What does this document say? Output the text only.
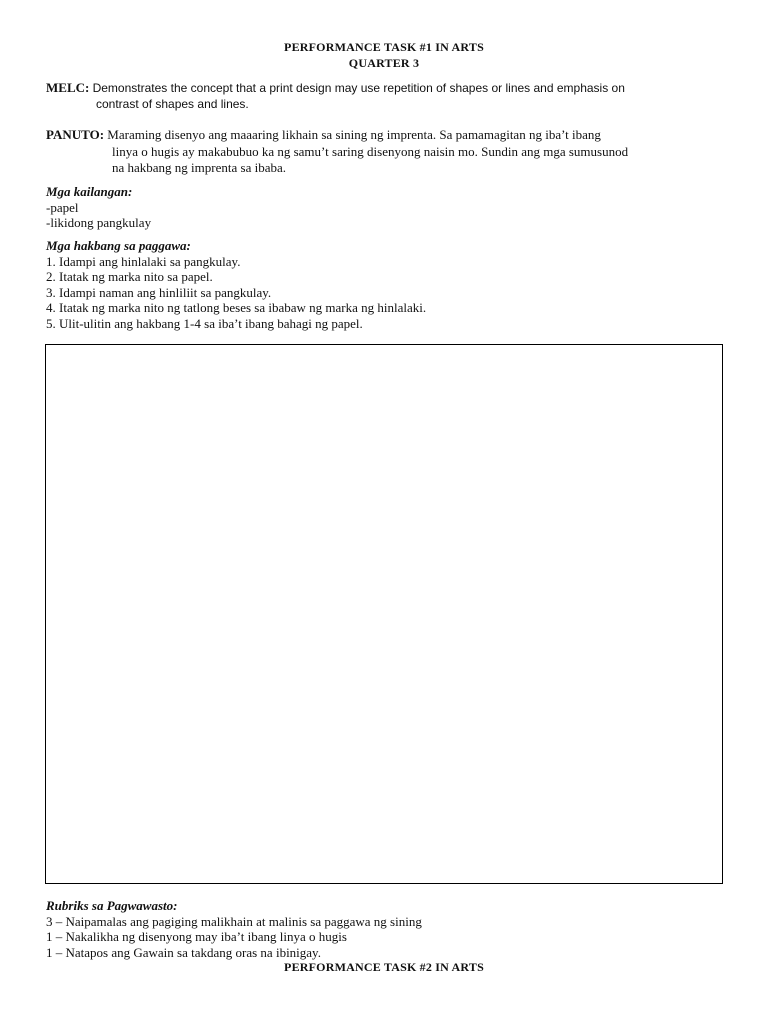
PERFORMANCE TASK #1 IN ARTS
QUARTER 3
MELC: Demonstrates the concept that a print design may use repetition of shapes or lines and emphasis on
contrast of shapes and lines.
PANUTO: Maraming disenyo ang maaaring likhain sa sining ng imprenta. Sa pamamagitan ng iba’t ibang
linya o hugis ay makabubuo ka ng samu’t saring disenyong naisin mo. Sundin ang mga sumusunod
na hakbang ng imprenta sa ibaba.
Mga kailangan:
-papel
-likidong pangkulay
Mga hakbang sa paggawa:
1. Idampi ang hinlalaki sa pangkulay.
2. Itatak ng marka nito sa papel.
3. Idampi naman ang hinliliit sa pangkulay.
4. Itatak ng marka nito ng tatlong beses sa ibabaw ng marka ng hinlalaki.
5. Ulit-ulitin ang hakbang 1-4 sa iba’t ibang bahagi ng papel.
Rubriks sa Pagwawasto:
3 – Naipamalas ang pagiging malikhain at malinis sa paggawa ng sining
1 – Nakalikha ng disenyong may iba’t ibang linya o hugis
1 – Natapos ang Gawain sa takdang oras na ibinigay.
PERFORMANCE TASK #2 IN ARTS
